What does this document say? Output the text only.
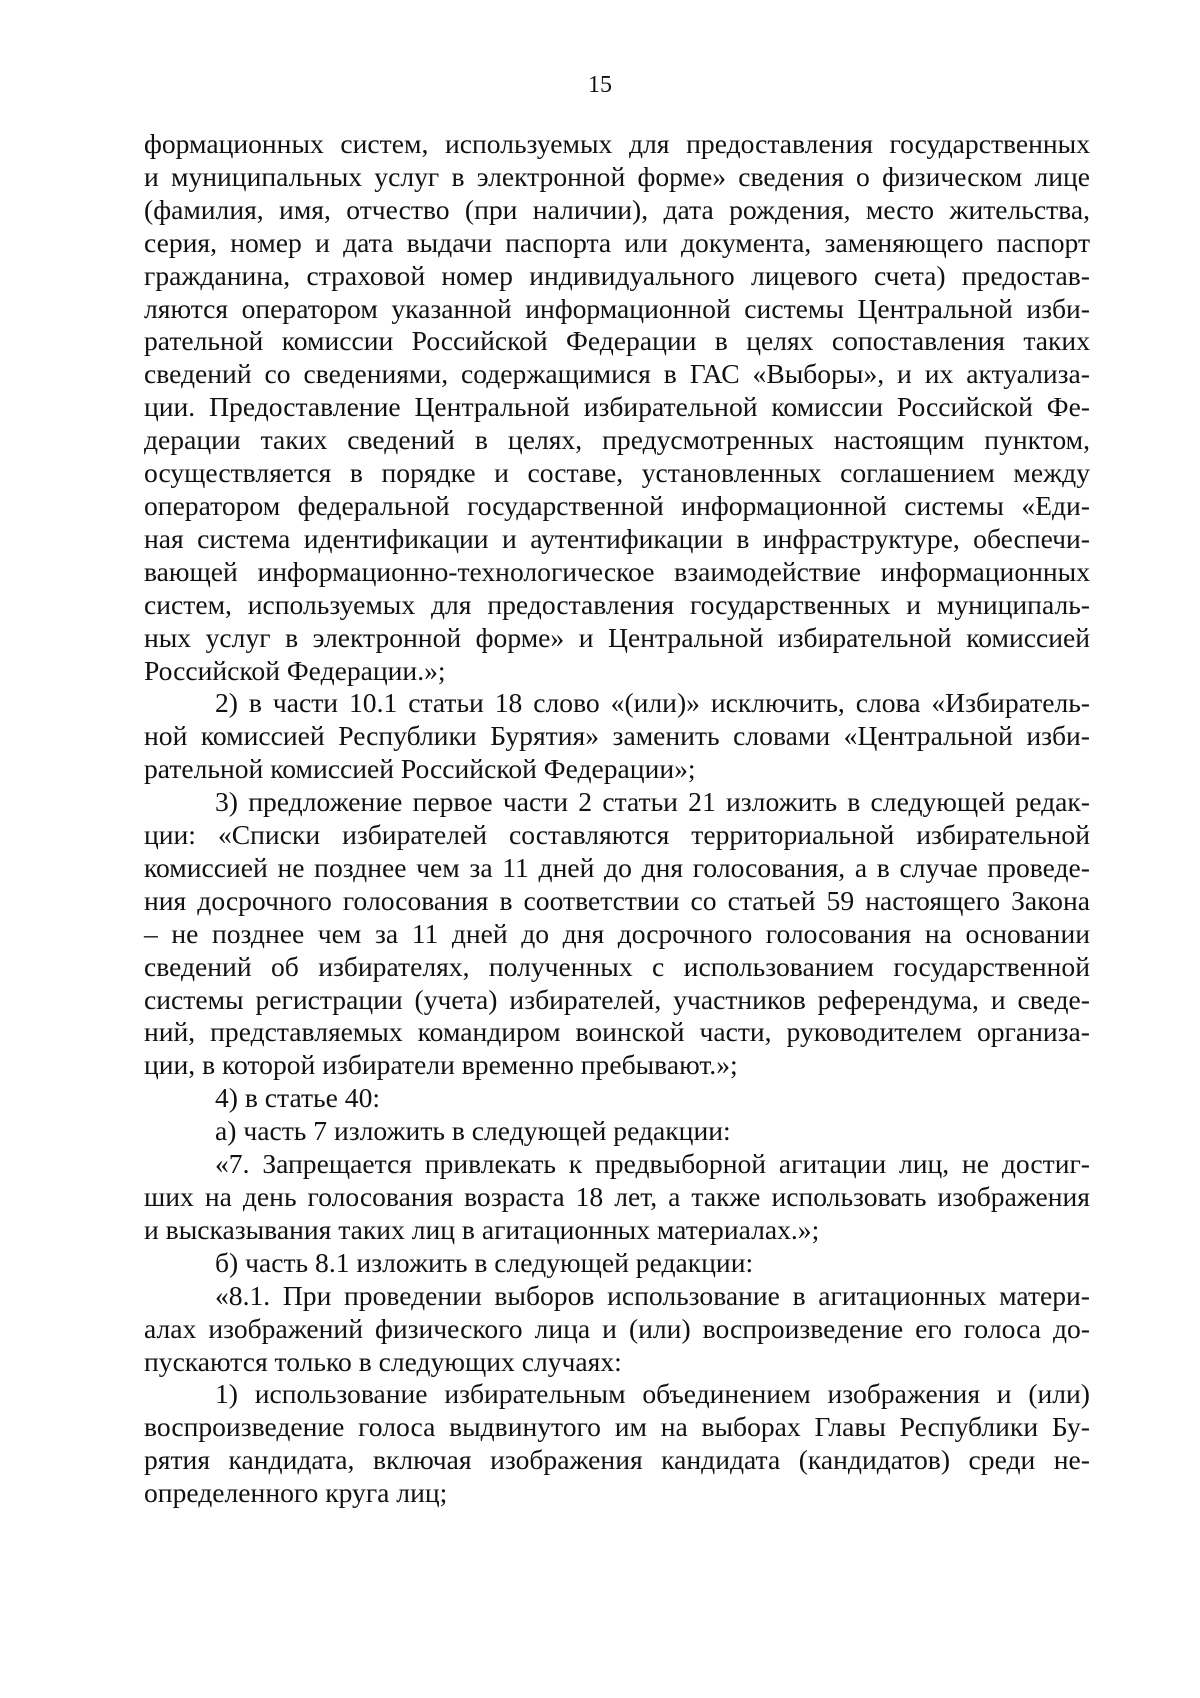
15

формационных систем, используемых для предоставления государственных

и муниципальных услуг в электронной форме» сведения о физическом лице

(фамилия, имя, отчество (при наличии), дата рождения, место жительства,

серия, номер и дата выдачи паспорта или документа, заменяющего паспорт

гражданина, страховой номер индивидуального лицевого счета) предостав-

ляются оператором указанной информационной системы Центральной изби-

рательной комиссии Российской Федерации в целях сопоставления таких

сведений со сведениями, содержащимися в ГАС «Выборы», и их актуализа-

ции. Предоставление Центральной избирательной комиссии Российской Фе-

дерации таких сведений в целях, предусмотренных настоящим пунктом,

осуществляется в порядке и составе, установленных соглашением между

оператором федеральной государственной информационной системы «Еди-

ная система идентификации и аутентификации в инфраструктуре, обеспечи-

вающей информационно-технологическое взаимодействие информационных

систем, используемых для предоставления государственных и муниципаль-

ных услуг в электронной форме» и Центральной избирательной комиссией

Российской Федерации.»;

2) в части 10.1 статьи 18 слово «(или)» исключить, слова «Избиратель-

ной комиссией Республики Бурятия» заменить словами «Центральной изби-

рательной комиссией Российской Федерации»;

3) предложение первое части 2 статьи 21 изложить в следующей редак-

ции: «Списки избирателей составляются территориальной избирательной

комиссией не позднее чем за 11 дней до дня голосования, а в случае проведе-

ния досрочного голосования в соответствии со статьей 59 настоящего Закона

– не позднее чем за 11 дней до дня досрочного голосования на основании

сведений об избирателях, полученных с использованием государственной

системы регистрации (учета) избирателей, участников референдума, и сведе-

ний, представляемых командиром воинской части, руководителем организа-

ции, в которой избиратели временно пребывают.»;

4) в статье 40:

а) часть 7 изложить в следующей редакции:

«7. Запрещается привлекать к предвыборной агитации лиц, не достиг-

ших на день голосования возраста 18 лет, а также использовать изображения

и высказывания таких лиц в агитационных материалах.»;

б) часть 8.1 изложить в следующей редакции:

«8.1. При проведении выборов использование в агитационных матери-

алах изображений физического лица и (или) воспроизведение его голоса до-

пускаются только в следующих случаях:

1) использование избирательным объединением изображения и (или)

воспроизведение голоса выдвинутого им на выборах Главы Республики Бу-

рятия кандидата, включая изображения кандидата (кандидатов) среди не-

определенного круга лиц;
